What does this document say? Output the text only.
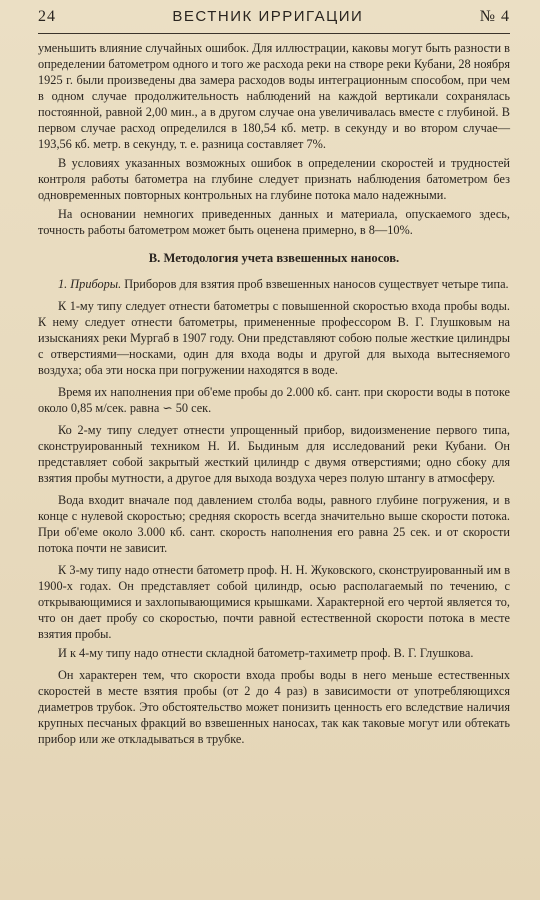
24	ВЕСТНИК ИРРИГАЦИИ	№ 4

уменьшить влияние случайных ошибок. Для иллюстрации, каковы могут быть разности в определении батометром одного и того же расхода реки на створе реки Кубани, 28 ноября 1925 г. были произведены два замера расходов воды интеграционным способом, при чем в одном случае продолжительность наблюдений на каждой вертикали сохранялась постоянной, равной 2,00 мин., а в другом случае она увеличивалась вместе с глубиной. В первом случае расход определился в 180,54 кб. метр. в секунду и во втором случае—193,56 кб. метр. в секунду, т. е. разница составляет 7%.

В условиях указанных возможных ошибок в определении скоростей и трудностей контроля работы батометра на глубине следует признать наблюдения батометром без одновременных повторных контрольных на глубине потока мало надежными.

На основании немногих приведенных данных и материала, опускаемого здесь, точность работы батометром может быть оценена примерно, в 8—10%.

В. Методология учета взвешенных наносов.

1. Приборы. Приборов для взятия проб взвешенных наносов существует четыре типа.

К 1-му типу следует отнести батометры с повышенной скоростью входа пробы воды. К нему следует отнести батометры, примененные профессором В. Г. Глушковым на изысканиях реки Мургаб в 1907 году. Они представляют собою полые жесткие цилиндры с отверстиями—носками, один для входа воды и другой для выхода вытесняемого воздуха; оба эти носка при погружении находятся в воде.

Время их наполнения при об'еме пробы до 2.000 кб. сант. при скорости воды в потоке около 0,85 м/сек. равна ∽ 50 сек.

Ко 2-му типу следует отнести упрощенный прибор, видоизменение первого типа, сконструированный техником Н. И. Быдиным для исследований реки Кубани. Он представляет собой закрытый жесткий цилиндр с двумя отверстиями; одно сбоку для взятия пробы мутности, а другое для выхода воздуха через полую штангу в атмосферу.

Вода входит вначале под давлением столба воды, равного глубине погружения, и в конце с нулевой скоростью; средняя скорость всегда значительно выше скорости потока. При об'еме около 3.000 кб. сант. скорость наполнения его равна 25 сек. и от скорости потока почти не зависит.

К 3-му типу надо отнести батометр проф. Н. Н. Жуковского, сконструированный им в 1900-х годах. Он представляет собой цилиндр, осью располагаемый по течению, с открывающимися и захлопывающимися крышками. Характерной его чертой является то, что он дает пробу со скоростью, почти равной естественной скорости потока в месте взятия пробы.

И к 4-му типу надо отнести складной батометр-тахиметр проф. В. Г. Глушкова.

Он характерен тем, что скорости входа пробы воды в него меньше естественных скоростей в месте взятия пробы (от 2 до 4 раз) в зависимости от употребляющихся диаметров трубок. Это обстоятельство может понизить ценность его вследствие наличия крупных песчаных фракций во взвешенных наносах, так как таковые могут или обтекать прибор или же откладываться в трубке.
